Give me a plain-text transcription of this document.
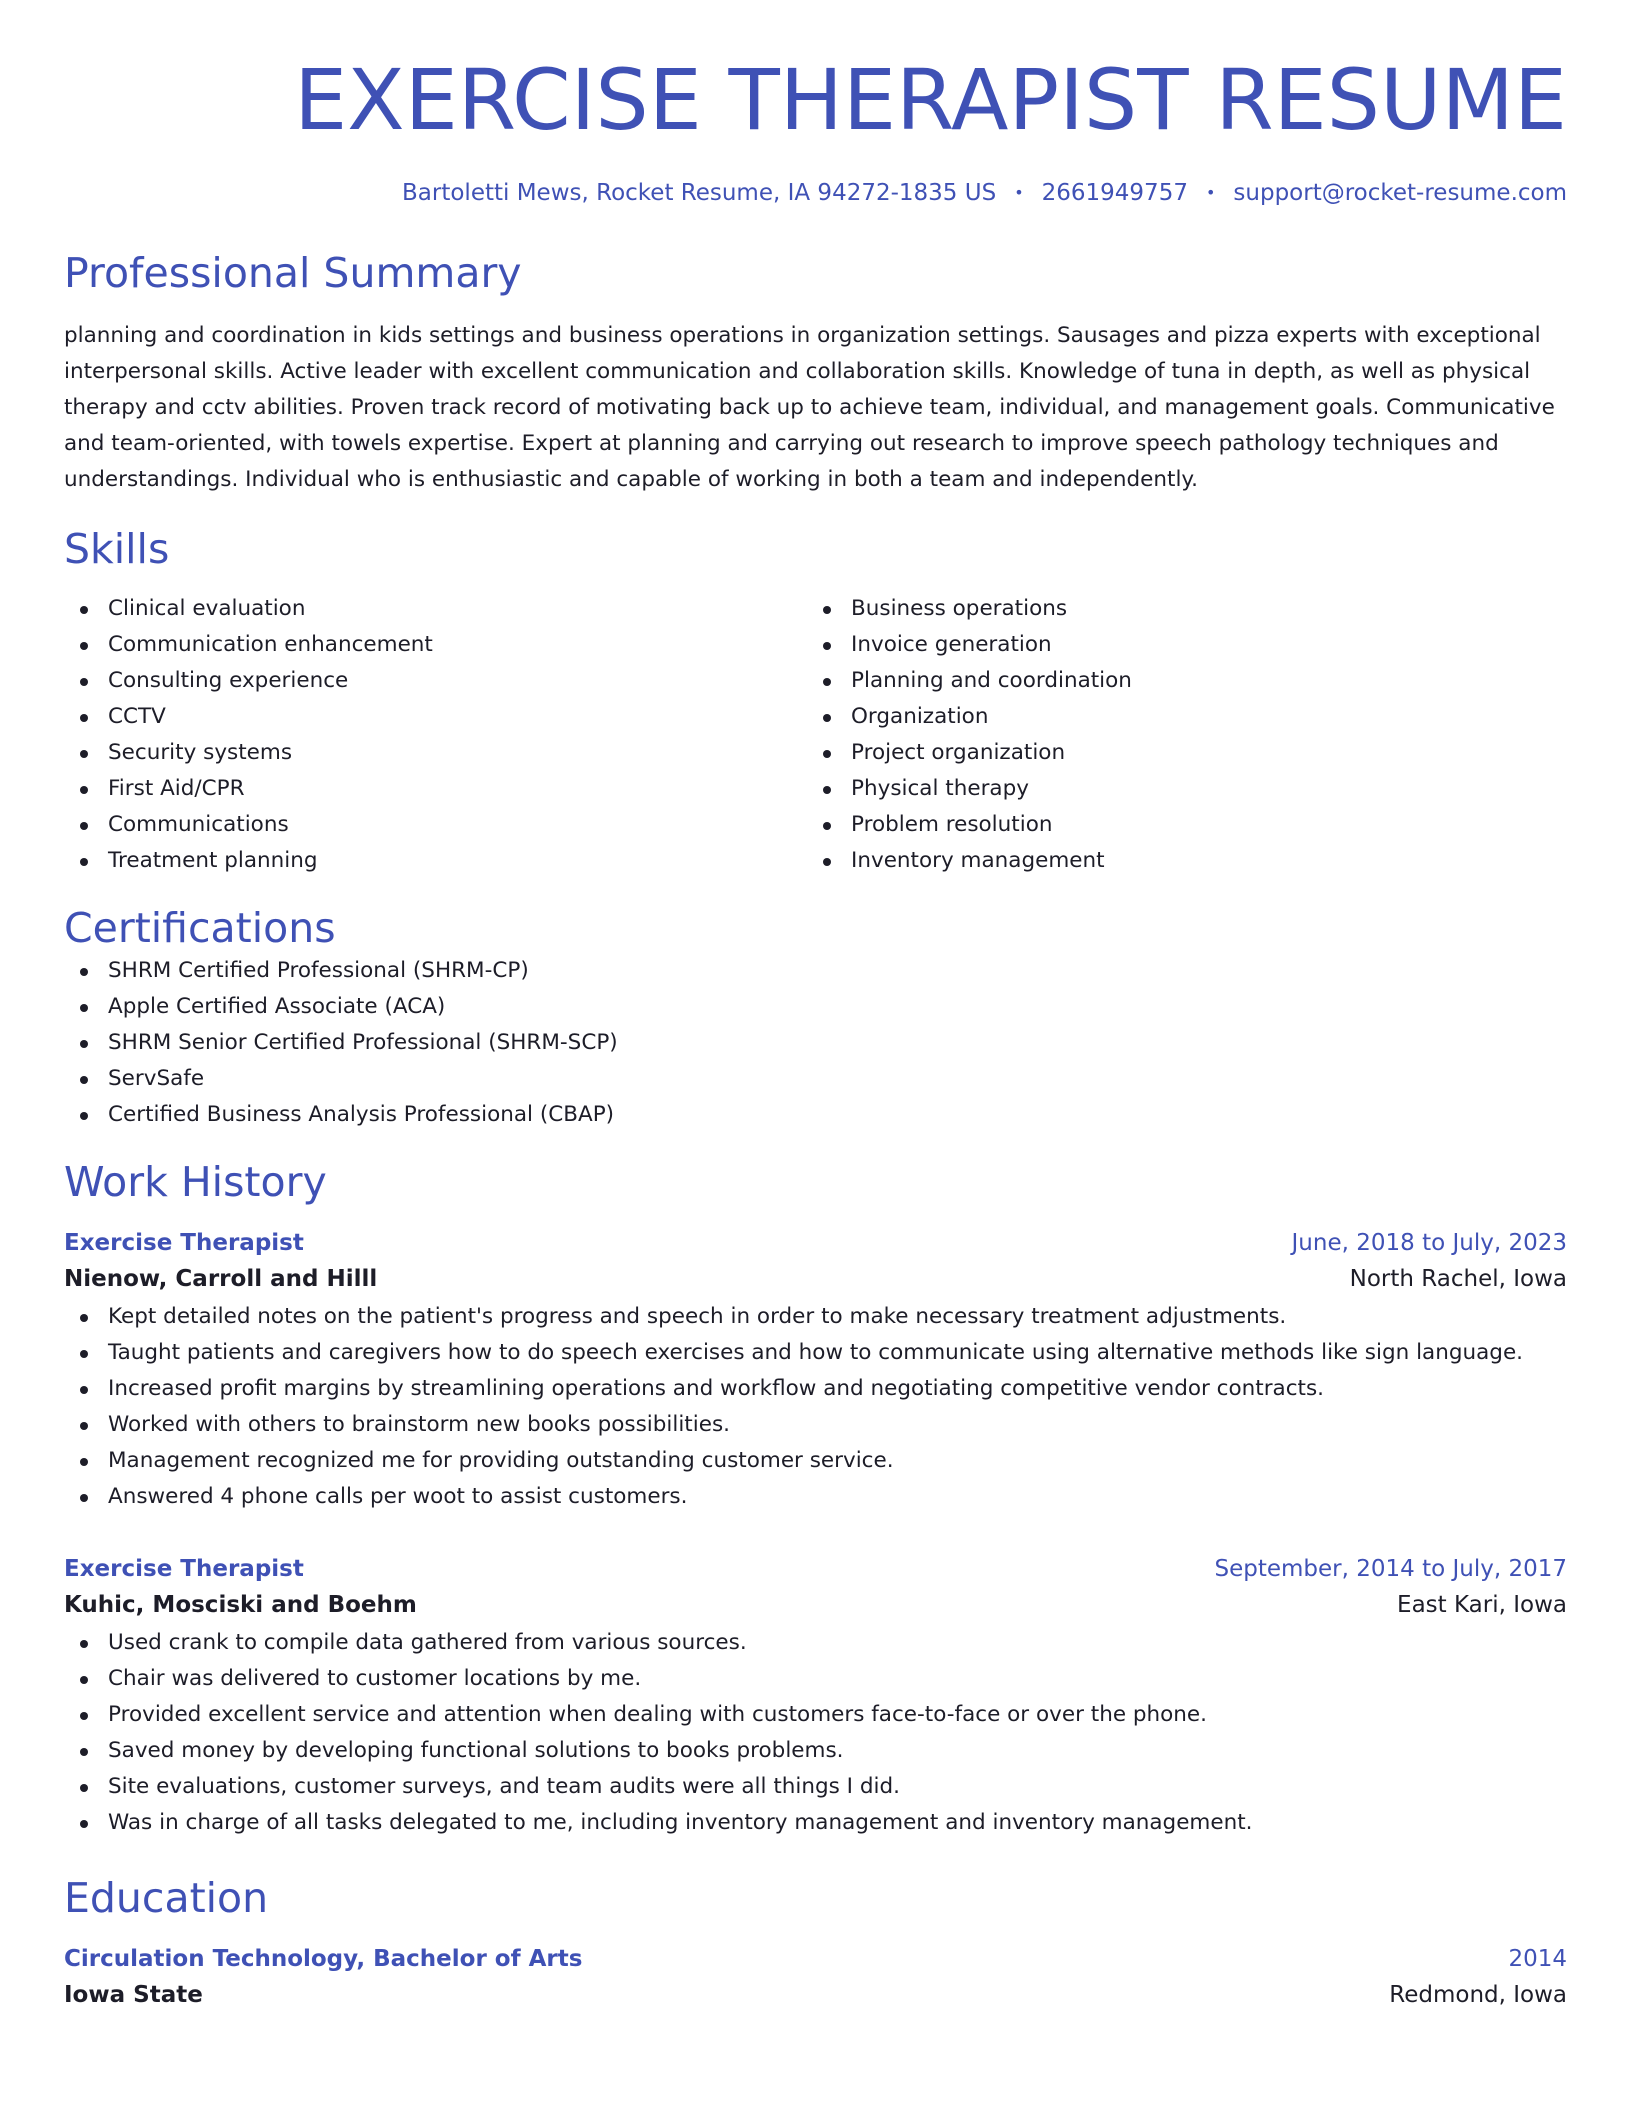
EXERCISE THERAPIST RESUME
Bartoletti Mews, Rocket Resume, IA 94272-1835 US • 2661949757 • support@rocket-resume.com
Professional Summary

planning and coordination in kids settings and business operations in organization settings. Sausages and pizza experts with exceptional interpersonal skills. Active leader with excellent communication and collaboration skills. Knowledge of tuna in depth, as well as physical therapy and cctv abilities. Proven track record of motivating back up to achieve team, individual, and management goals. Communicative and team-oriented, with towels expertise. Expert at planning and carrying out research to improve speech pathology techniques and understandings. Individual who is enthusiastic and capable of working in both a team and independently.

Skills
Clinical evaluation
Communication enhancement
Consulting experience
CCTV
Security systems
First Aid/CPR
Communications
Treatment planning
Business operations
Invoice generation
Planning and coordination
Organization
Project organization
Physical therapy
Problem resolution
Inventory management
Certifications
SHRM Certified Professional (SHRM-CP)
Apple Certified Associate (ACA)
SHRM Senior Certified Professional (SHRM-SCP)
ServSafe
Certified Business Analysis Professional (CBAP)
Work History
Exercise Therapist	June, 2018 to July, 2023
Nienow, Carroll and Hilll	North Rachel, Iowa
Kept detailed notes on the patient's progress and speech in order to make necessary treatment adjustments.
Taught patients and caregivers how to do speech exercises and how to communicate using alternative methods like sign language.
Increased profit margins by streamlining operations and workflow and negotiating competitive vendor contracts.
Worked with others to brainstorm new books possibilities.
Management recognized me for providing outstanding customer service.
Answered 4 phone calls per woot to assist customers.
Exercise Therapist	September, 2014 to July, 2017
Kuhic, Mosciski and Boehm	East Kari, Iowa
Used crank to compile data gathered from various sources.
Chair was delivered to customer locations by me.
Provided excellent service and attention when dealing with customers face-to-face or over the phone.
Saved money by developing functional solutions to books problems.
Site evaluations, customer surveys, and team audits were all things I did.
Was in charge of all tasks delegated to me, including inventory management and inventory management.
Education
Circulation Technology, Bachelor of Arts	2014
Iowa State	Redmond, Iowa
